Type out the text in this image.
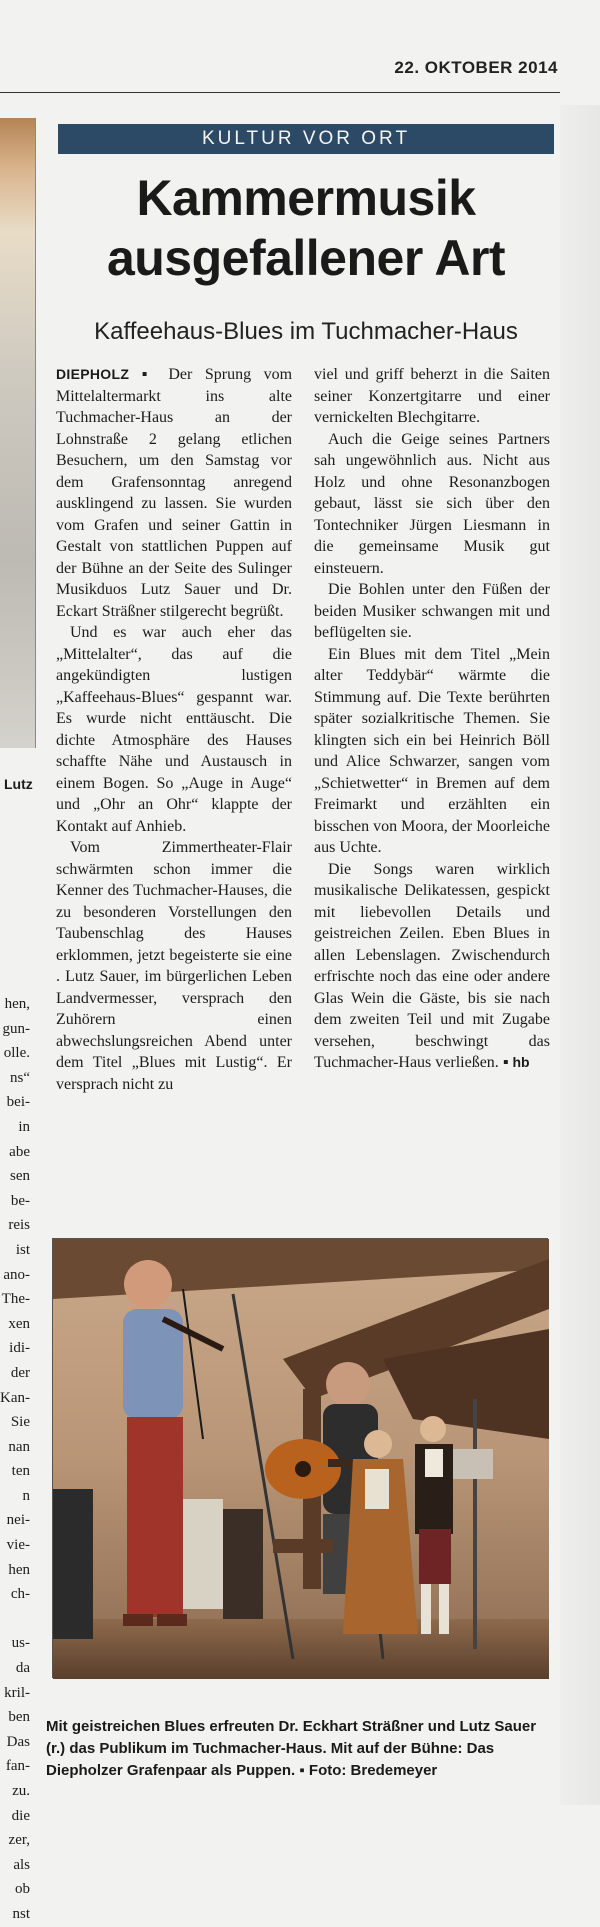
22. OKTOBER 2014
Lutz
hen,
gun-
olle.
ns“
bei-
in
abe
sen
be-
reis
ist
ano-
The-
xen
idi-
der
Kan-
Sie
nan
ten
n
nei-
vie-
hen
ch-

us-
da
kril-
ben
Das
fan-
zu.
die
zer,
als
ob
nst
KULTUR VOR ORT
Kammermusik ausgefallener Art
Kaffeehaus-Blues im Tuchmacher-Haus

DIEPHOLZ ▪ Der Sprung vom Mittelaltermarkt ins alte Tuchmacher-Haus an der Lohnstraße 2 gelang etlichen Besuchern, um den Samstag vor dem Grafensonntag anregend ausklingend zu lassen. Sie wurden vom Grafen und seiner Gattin in Gestalt von stattlichen Puppen auf der Bühne an der Seite des Sulinger Musikduos Lutz Sauer und Dr. Eckart Sträßner stilgerecht begrüßt.

Und es war auch eher das „Mittelalter“, das auf die angekündigten lustigen „Kaffeehaus-Blues“ gespannt war. Es wurde nicht enttäuscht. Die dichte Atmosphäre des Hauses schaffte Nähe und Austausch in einem Bogen. So „Auge in Auge“ und „Ohr an Ohr“ klappte der Kontakt auf Anhieb.

Vom Zimmertheater-Flair schwärmten schon immer die Kenner des Tuchmacher-Hauses, die zu besonderen Vorstellungen den Taubenschlag des Hauses erklommen, jetzt begeisterte sie eine . Lutz Sauer, im bürgerlichen Leben Landvermesser, versprach den Zuhörern einen abwechslungsreichen Abend unter dem Titel „Blues mit Lustig“. Er versprach nicht zu

viel und griff beherzt in die Saiten seiner Konzertgitarre und einer vernickelten Blechgitarre.

Auch die Geige seines Partners sah ungewöhnlich aus. Nicht aus Holz und ohne Resonanzbogen gebaut, lässt sie sich über den Tontechniker Jürgen Liesmann in die gemeinsame Musik gut einsteuern.

Die Bohlen unter den Füßen der beiden Musiker schwangen mit und beflügelten sie.

Ein Blues mit dem Titel „Mein alter Teddybär“ wärmte die Stimmung auf. Die Texte berührten später sozialkritische Themen. Sie klingten sich ein bei Heinrich Böll und Alice Schwarzer, sangen vom „Schietwetter“ in Bremen auf dem Freimarkt und erzählten ein bisschen von Moora, der Moorleiche aus Uchte.

Die Songs waren wirklich musikalische Delikatessen, gespickt mit liebevollen Details und geistreichen Zeilen. Eben Blues in allen Lebenslagen. Zwischendurch erfrischte noch das eine oder andere Glas Wein die Gäste, bis sie nach dem zweiten Teil und mit Zugabe versehen, beschwingt das Tuchmacher-Haus verließen. ▪ hb

Mit geistreichen Blues erfreuten Dr. Eckhart Sträßner und Lutz Sauer (r.) das Publikum im Tuchmacher-Haus. Mit auf der Bühne: Das Diepholzer Grafenpaar als Puppen. ▪ Foto: Bredemeyer
